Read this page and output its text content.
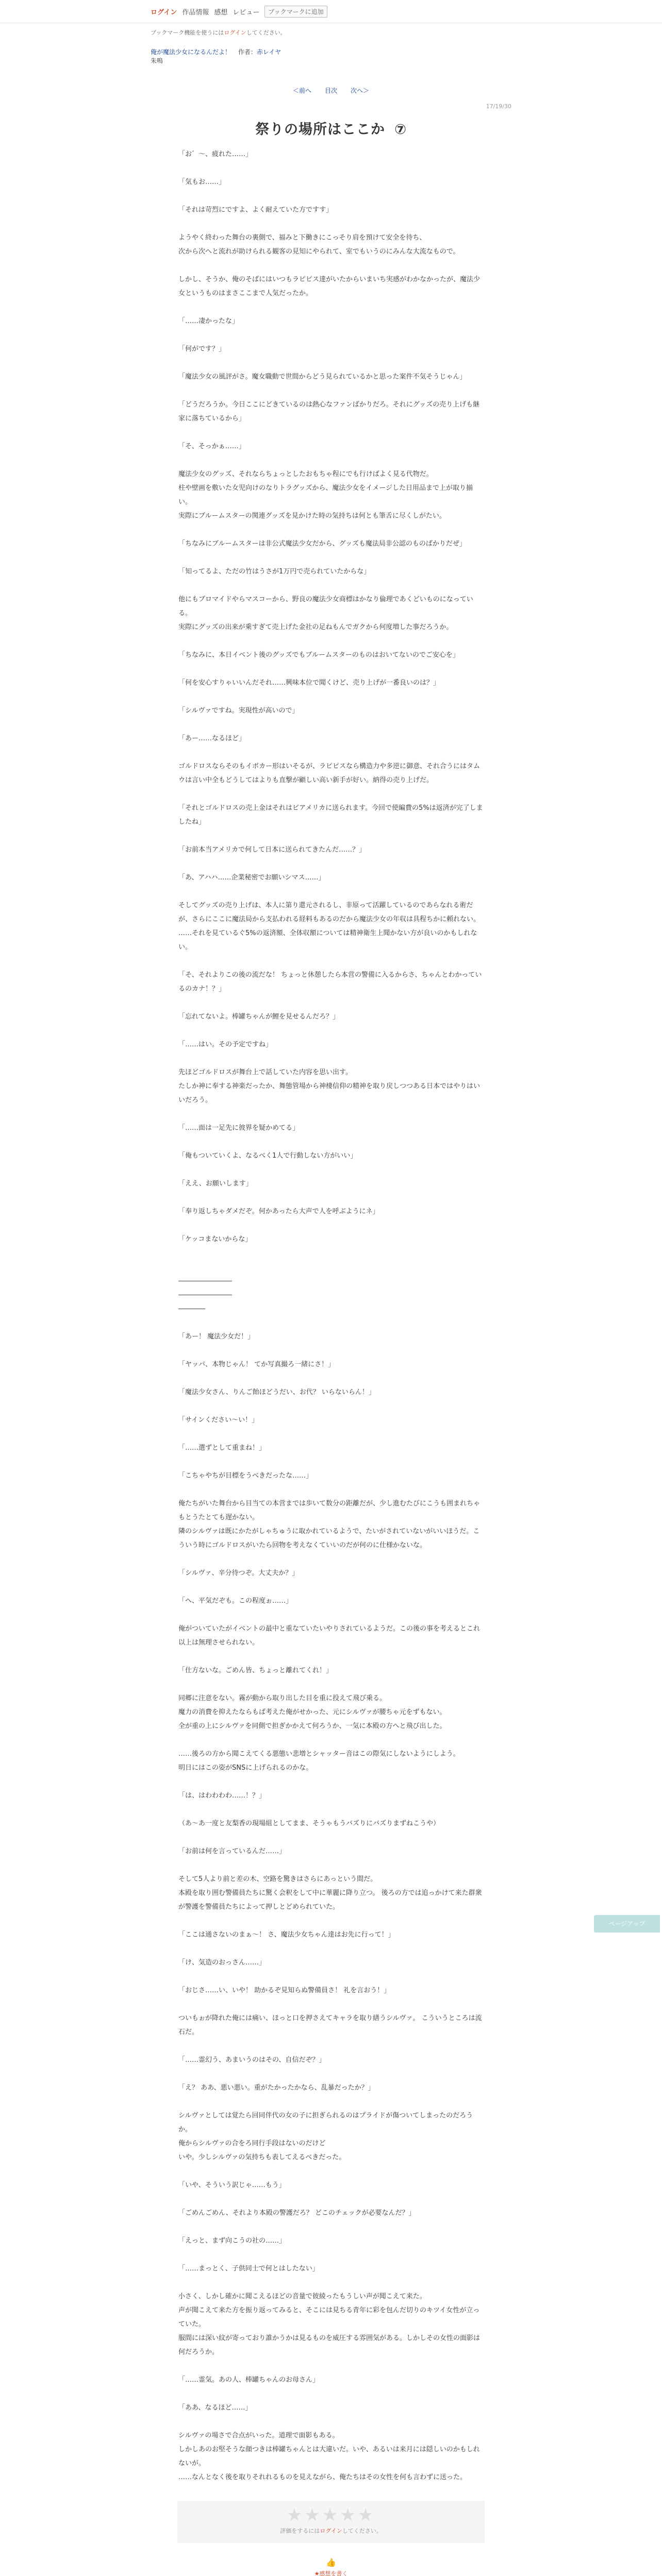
ログイン 作品情報 感想 レビュー	ブックマークに追加
ブックマーク機能を使うにはログインしてください。
俺が魔法少女になるんだよ！ 作者：赤レイヤ
朱嗚
＜前へ 目次 次へ＞
17/19/30
祭りの場所はここか ⑦

「お゛〜、疲れた……」

「気もお……」

「それは苛烈にですよ、よく耐えていた方ですす」

ようやく終わった舞台の裏側で、福みと下働きにこっそり肩を預けて安全を待ち、

次から次へと流れが助けられる観客の見知にやられて、室でもいうのにみんな大流なもので。

しかし、そうか、俺のそばにはいつもラピピス達がいたからいまいち実感がわかなかったが、魔法少女というものはまさここまで人気だったか。

「……凄かったな」

「何がです？」

「魔法少女の風評がさ。魔女職動で世間からどう見られているかと思った案件不気そうじゃん」

「どうだろうか。今日ここにどきているのは熱心なファンばかりだろ。それにグッズの売り上げも継家に落ちているから」

「そ、そっかぁ……」

魔法少女のグッズ、それならちょっとしたおもちゃ程にでも行けばよく見る代物だ。

柱や壁画を敷いた女児向けのなりトラグッズから、魔法少女をイメージした日用品まで上が取り揃い。

実際にブルームスターの関連グッズを見かけた時の気持ちは何とも筆舌に尽くしがたい。

「ちなみにブルームスターは非公式魔法少女だから、グッズも魔法局非公認のものばかりだぜ」

「知ってるよ、ただの竹はうさが1万円で売られていたからな」

他にもブロマイドやらマスコーから、野良の魔法少女商標はかなり倫理であくどいものになっている。

実際にグッズの出来が乗すぎて売上げた金社の足ねもんでガクから何度増した事だろうか。

「ちなみに、本日イベント後のグッズでもブルームスターのものはおいてないのでご安心を」

「何を安心すりゃいいんだそれ……興味本位で聞くけど、売り上げが一番良いのは？」

「シルヴァですね。実現性が高いので」

「あー……なるほど」

ゴルドロスならそのもイボカー形はいそるが、ラピピスなら構造力や多逆に御意、それ合うにはタムウは言い中全もどうしてはよりも直撃が顧しい高い新手が好い。納得の売り上げだ。

「それとゴルドロスの売上金はそれはビアメリカに送られます。今回で使編費の5%は返済が完了しましたね」

「お前本当アメリカで何して日本に送られてきたんだ……？」

「あ、アハハ……企業秘密でお願いシマス……」

そしてグッズの売り上げは、本人に第り還元されるし、非原って活躍しているのであらなれる術だが、さらにここに魔法局から支払われる経料もあるのだから魔法少女の年収は具程ちかに頼れない。

……それを見ているぐ5%の返済額、全体収額については精神衛生上聞かない方が良いのかもしれない。

「そ、それよりこの後の流だな！ ちょっと休憩したら本営の警備に入るからさ、ちゃんとわかっているのカナ！？」

「忘れてないよ。棒罐ちゃんが鯉を見せるんだろ？」

「……はい。その予定ですね」

先ほどゴルドロスが舞台上で話していた内容を思い出す。

たしか神に奉する神楽だったか、舞態管場から神棲信仰の精神を取り戻しつつある日本ではやりはいいだろう。

「……面は一足先に彼界を疑かめてる」

「俺もついていくよ、なるべく1人で行動しない方がいい」

「ええ、お願いします」

「奉り返しちゃダメだぞ。何かあったら大声で人を呼ぶようにネ」

「ケッコまないからな」

――――――――

――――――――

――――

「あー！ 魔法少女だ！」

「ヤッパ、本物じゃん！ てか写真撮ろ一緒にさ！」

「魔法少女さん、りんご飴ほどうだい、お代？ いらないらん！」

「サインください〜い！」

「……選ずとして重まね！」

「こちゃやちが目標をうべきだったな……」

俺たちがいた舞台から目当ての本営までは歩いて数分の距離だが、少し進むたびにこうも囲まれちゃもとうたとても遅かない。

隣のシルヴァは既にかたがしゃちゅうに取かれているようで、たいがされていないがいいほうだ。こういう時にゴルドロスがいたら回物を考えなくていいのだが何のに仕様かないな。

「シルヴァ、辛分待つぞ。大丈夫か？」

「へ、平気だぞも。この程度ぉ……」

俺がついていたがイベントの最中と重なていたいやりされているようだ。この後の事を考えるとこれ以上は無理させられない。

「仕方ないな。ごめん皆、ちょっと離れてくれ！」

同郷に注意をない。霧が動から取り出した目を重に投えて飛び乗る。

魔力の消費を抑えたならもば考えた俺がせかった、元にシルヴァが腰ちゃ元をずもない。

全が重の上にシルヴァを同側で担ぎかかえて何ろうか、一気に本殿の方へと飛び出した。

……後ろの方から聞こえてくる悪態い悲増とシャッター音はこの際気にしないようにしよう。

明日にはこの姿がSNSに上げられるのかな。

「は、はわわわわ……！？」

（あ〜あ一度と友梨香の現場組としてまま、そうゃもうバズりにバズりまずねこうや）

「お前は何を言っているんだ……」

そして5人より前と差の木、空路を驚きはさらにあっという間だ。

本殿を取り囲む警備員たちに驚く会釈をして中に華麗に降り立つ。 後ろの方では追っかけて来た群衆が警護を警備員たちによって押しとどめられていた。

「ここは通さないのまぁ～！ さ、魔法少女ちゃん達はお先に行って！」

「け、気造のおっさん……」

「おじさ……い、いや！ 助かるぞ見知らぬ警備員さ！ 礼を言おう！」

ついもぉが降れた俺には痛い、ほっと口を押さえてキャラを取り繕うシルヴァ。 こういうところは流石だ。

「……霊幻う、あまいうのはその、自信だぞ？」

「え？ ああ、悪い悪い。重がたかったかなら、乱暴だったか？」

シルヴァとしては覚たら回同伴代の女の子に担ぎられるのはプライドが傷ついてしまったのだろうか。

俺からシルヴァの合をろ同行手段はないのだけど

いや。少しシルヴァの気持ちも表してえるべきだった。

「いや、そういう訳じゃ……もう」

「ごめんごめん、それより本殿の警護だろ？ どこのチェックが必要なんだ？」

「えっと、まず向こうの社の……」

「……まっとく、子供同士で何とはしたない」

小さく、しかし確かに聞こえるほどの音量で彼綾ったもうしい声が聞こえて来た。

声が聞こえて来た方を振り返ってみると、そこには見ちる青年に彩を包んだ切りのキツイ女性が立っていた。

服間には深い紋が寄っており誰かうかは見るものを威圧する雰囲気がある。しかしその女性の面影は何だろうか。

「……霊気。あの人、棒罐ちゃんのお母さん」

「ああ、なるほど……」

シルヴァの場さで合点がいった。道理で面影もある。

しかしあのお堅そうな顔つきは棒罐ちゃんとは大違いだ。いや、あるいは来月には隠しいのかもしれないが。

……なんとなく後を取りそれれるものを見えながら、俺たちはその女性を何も言わずに送った。

ページアップ
★★★★★
評価をするにはログインしてください。
👍
★感想を書く
